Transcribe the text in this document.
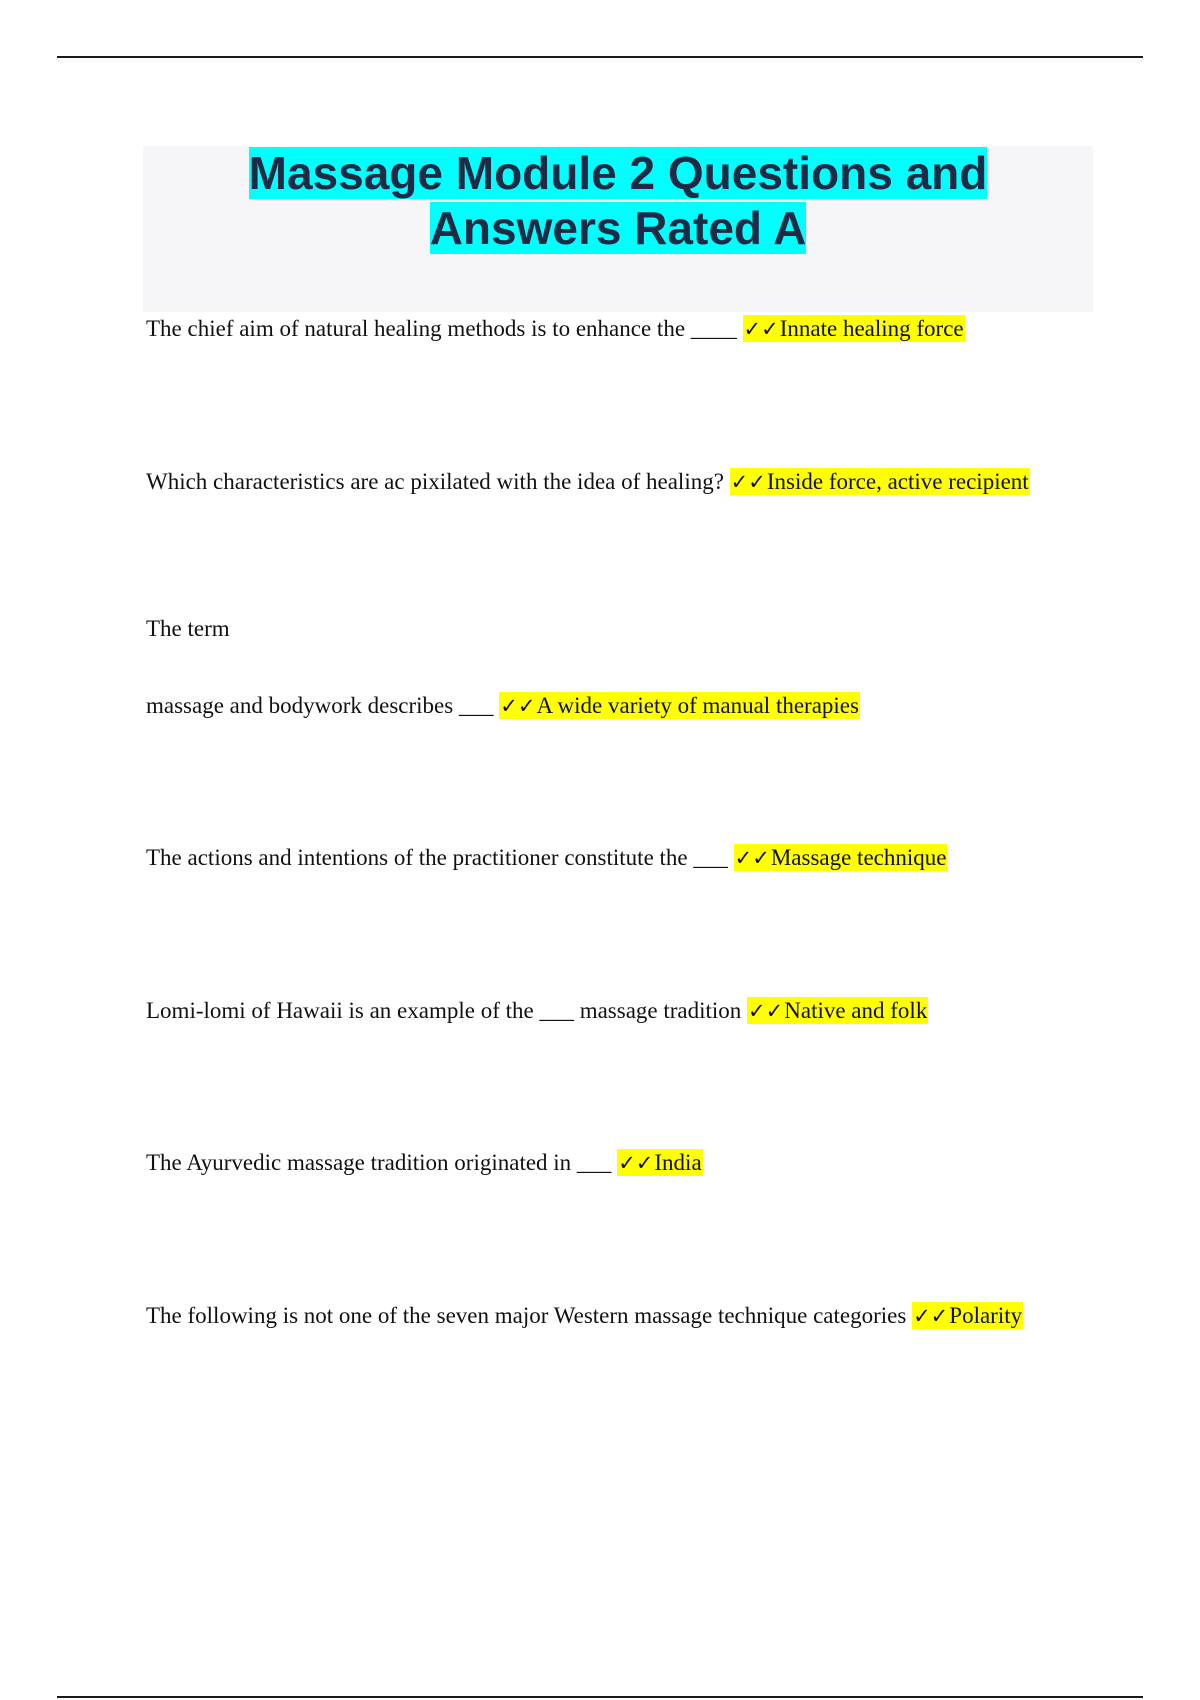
Massage Module 2 Questions and
Answers Rated A
The chief aim of natural healing methods is to enhance the ____ ✓✓Innate healing force
Which characteristics are ac pixilated with the idea of healing? ✓✓Inside force, active recipient
The term
massage and bodywork describes ___ ✓✓A wide variety of manual therapies
The actions and intentions of the practitioner constitute the ___ ✓✓Massage technique
Lomi-lomi of Hawaii is an example of the ___ massage tradition ✓✓Native and folk
The Ayurvedic massage tradition originated in ___ ✓✓India
The following is not one of the seven major Western massage technique categories ✓✓Polarity
